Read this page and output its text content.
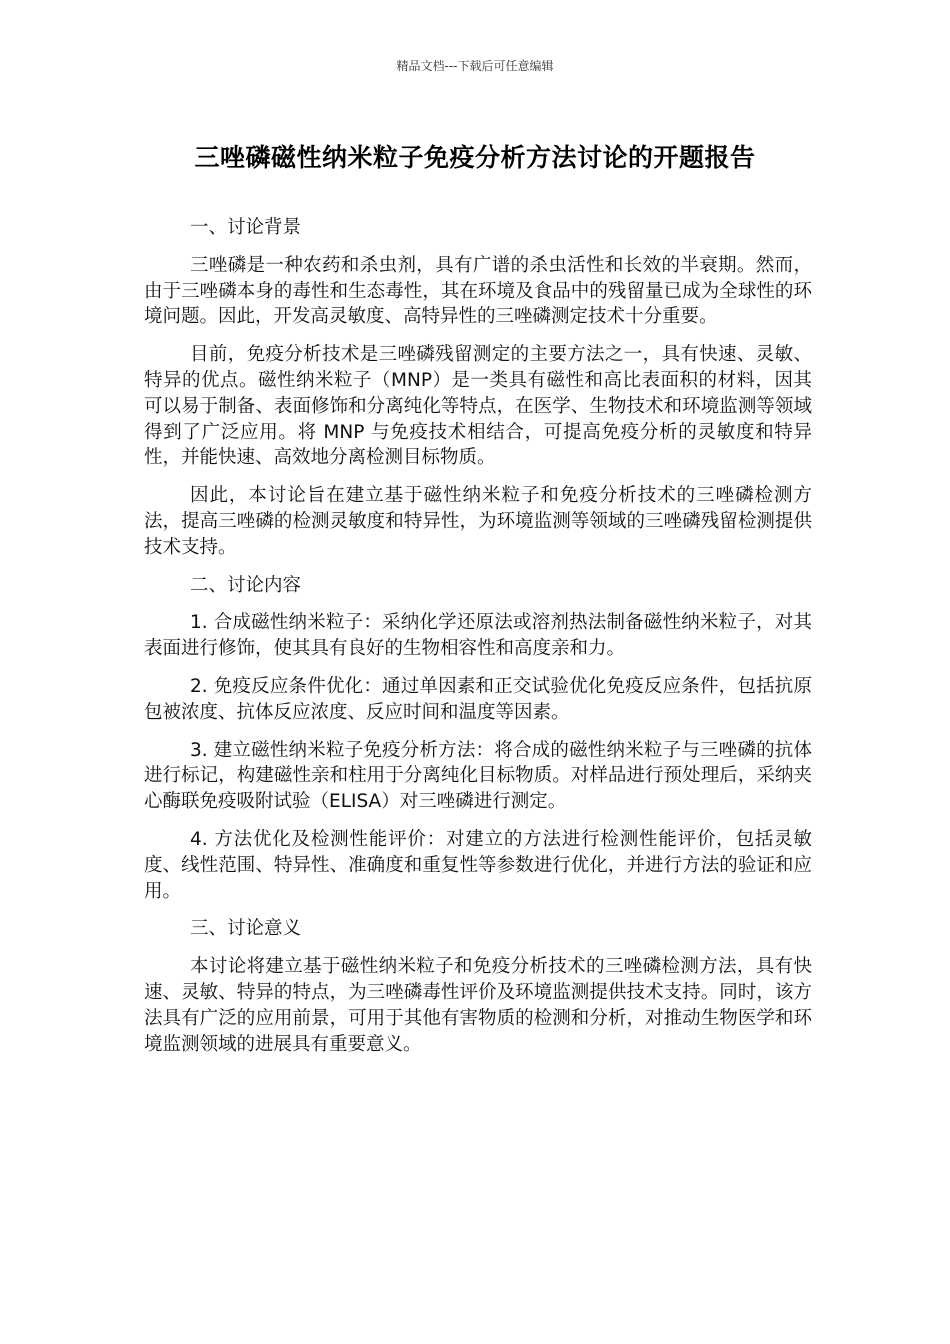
精品文档---下载后可任意编辑
三唑磷磁性纳米粒子免疫分析方法讨论的开题报告
一、讨论背景

三唑磷是一种农药和杀虫剂，具有广谱的杀虫活性和长效的半衰期。然而，由于三唑磷本身的毒性和生态毒性，其在环境及食品中的残留量已成为全球性的环境问题。因此，开发高灵敏度、高特异性的三唑磷测定技术十分重要。

目前，免疫分析技术是三唑磷残留测定的主要方法之一，具有快速、灵敏、特异的优点。磁性纳米粒子（MNP）是一类具有磁性和高比表面积的材料，因其可以易于制备、表面修饰和分离纯化等特点，在医学、生物技术和环境监测等领域得到了广泛应用。将 MNP 与免疫技术相结合，可提高免疫分析的灵敏度和特异性，并能快速、高效地分离检测目标物质。

因此，本讨论旨在建立基于磁性纳米粒子和免疫分析技术的三唑磷检测方法，提高三唑磷的检测灵敏度和特异性，为环境监测等领域的三唑磷残留检测提供技术支持。

二、讨论内容

1. 合成磁性纳米粒子：采纳化学还原法或溶剂热法制备磁性纳米粒子，对其表面进行修饰，使其具有良好的生物相容性和高度亲和力。

2. 免疫反应条件优化：通过单因素和正交试验优化免疫反应条件，包括抗原包被浓度、抗体反应浓度、反应时间和温度等因素。

3. 建立磁性纳米粒子免疫分析方法：将合成的磁性纳米粒子与三唑磷的抗体进行标记，构建磁性亲和柱用于分离纯化目标物质。对样品进行预处理后，采纳夹心酶联免疫吸附试验（ELISA）对三唑磷进行测定。

4. 方法优化及检测性能评价：对建立的方法进行检测性能评价，包括灵敏度、线性范围、特异性、准确度和重复性等参数进行优化，并进行方法的验证和应用。

三、讨论意义

本讨论将建立基于磁性纳米粒子和免疫分析技术的三唑磷检测方法，具有快速、灵敏、特异的特点，为三唑磷毒性评价及环境监测提供技术支持。同时，该方法具有广泛的应用前景，可用于其他有害物质的检测和分析，对推动生物医学和环境监测领域的进展具有重要意义。
